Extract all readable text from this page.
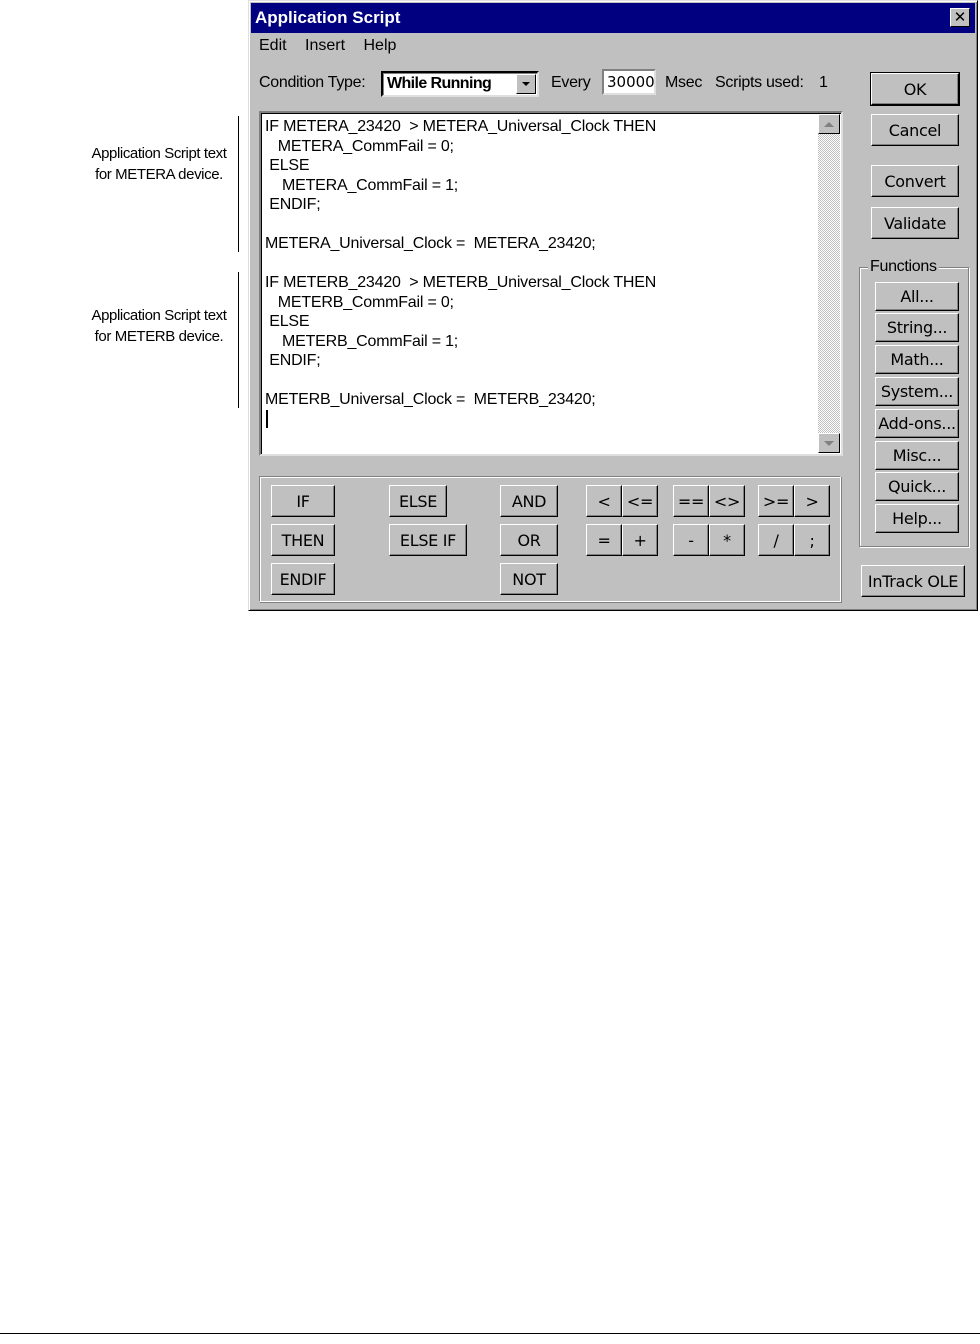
Application Script text
for METERA device.
Application Script text
for METERB device.
Application Script	✕
Edit Insert Help
Condition Type: While Running	Every	30000 Msec Scripts used: 1
IF METERA_23420  > METERA_Universal_Clock THEN
METERA_CommFail = 0;
ELSE
METERA_CommFail = 1;
ENDIF;
METERA_Universal_Clock =  METERA_23420;
IF METERB_23420  > METERB_Universal_Clock THEN
METERB_CommFail = 0;
ELSE
METERB_CommFail = 1;
ENDIF;
METERB_Universal_Clock =  METERB_23420;
IF
THEN
ENDIF
ELSE
ELSE IF
AND
OR
NOT
<	<=	== <>	>=	>
=	+	-	*	/	;
OK
Cancel
Convert
Validate
Functions
All...
String...
Math...
System...
Add-ons...
Misc...
Quick...
Help...
InTrack OLE
